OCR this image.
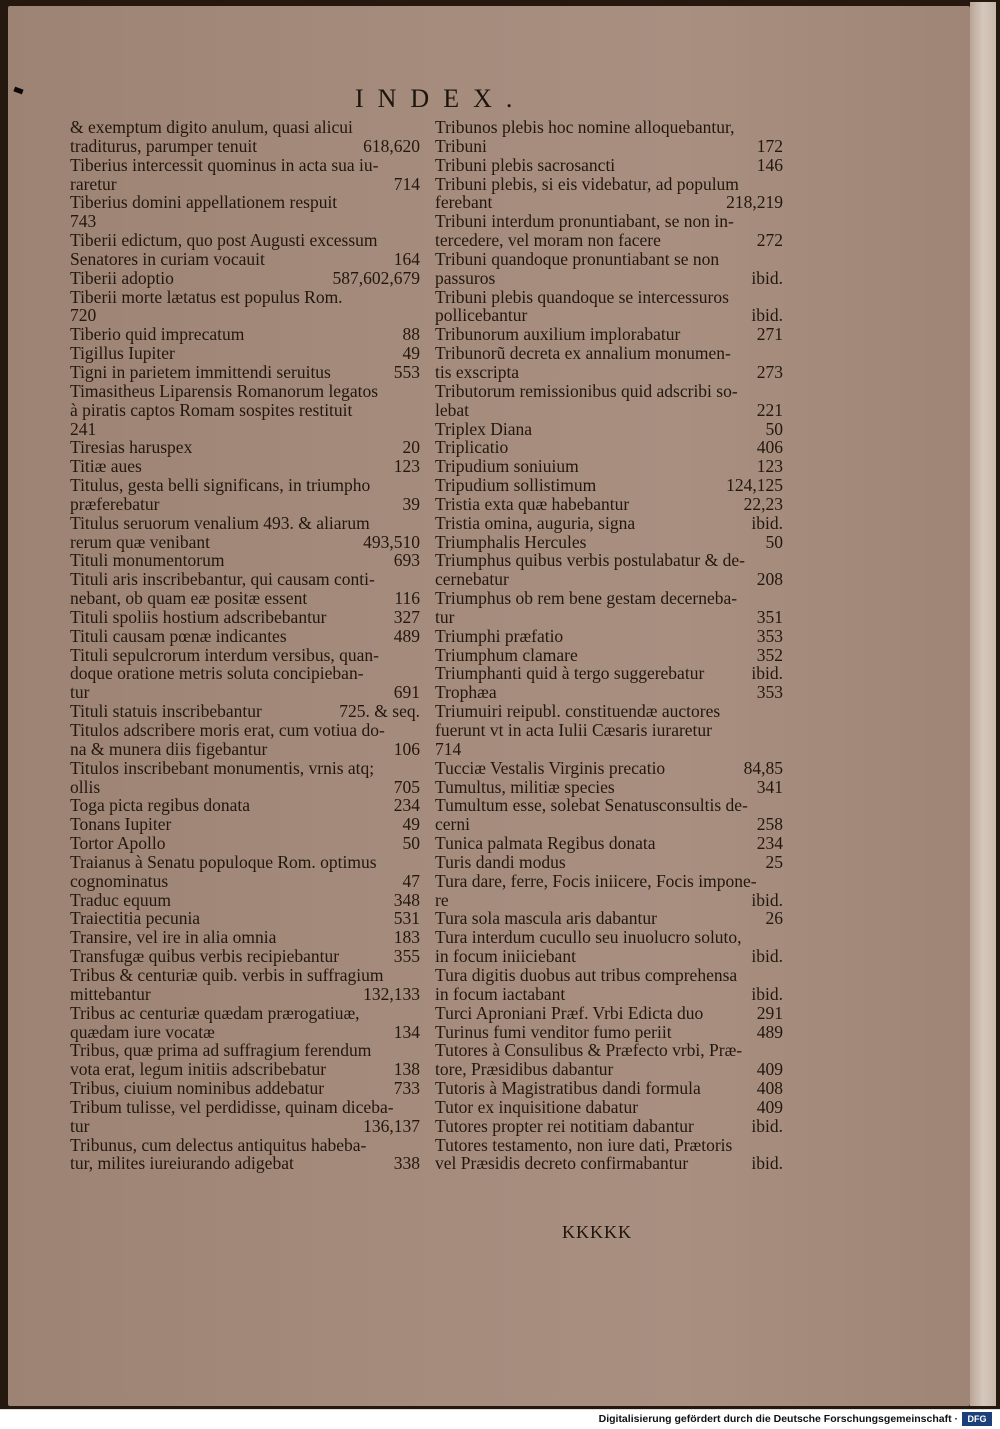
INDEX.
& exemptum digito anulum, quasi alicui
618,620
traditurus, parumper tenuit
Tiberius intercessit quominus in acta sua iu-
714
raretur
Tiberius domini appellationem respuit
743
Tiberii edictum, quo post Augusti excessum
164
Senatores in curiam vocauit
587,602,679
Tiberii adoptio
Tiberii morte lætatus est populus Rom.
720
88
Tiberio quid imprecatum
49
Tigillus Iupiter
553
Tigni in parietem immittendi seruitus
Timasitheus Liparensis Romanorum legatos
à piratis captos Romam sospites restituit
241
20
Tiresias haruspex
123
Titiæ aues
Titulus, gesta belli significans, in triumpho
39
præferebatur
Titulus seruorum venalium 493. & aliarum
493,510
rerum quæ venibant
693
Tituli monumentorum
Tituli aris inscribebantur, qui causam conti-
116
nebant, ob quam eæ positæ essent
327
Tituli spoliis hostium adscribebantur
489
Tituli causam pœnæ indicantes
Tituli sepulcrorum interdum versibus, quan-
doque oratione metris soluta concipieban-
691
tur
725. & seq.
Tituli statuis inscribebantur
Titulos adscribere moris erat, cum votiua do-
106
na & munera diis figebantur
Titulos inscribebant monumentis, vrnis atq;
705
ollis
234
Toga picta regibus donata
49
Tonans Iupiter
50
Tortor Apollo
Traianus à Senatu populoque Rom. optimus
47
cognominatus
348
Traduc equum
531
Traiectitia pecunia
183
Transire, vel ire in alia omnia
355
Transfugæ quibus verbis recipiebantur
Tribus & centuriæ quib. verbis in suffragium
132,133
mittebantur
Tribus ac centuriæ quædam prærogatiuæ,
134
quædam iure vocatæ
Tribus, quæ prima ad suffragium ferendum
138
vota erat, legum initiis adscribebatur
733
Tribus, ciuium nominibus addebatur
Tribum tulisse, vel perdidisse, quinam diceba-
136,137
tur
Tribunus, cum delectus antiquitus habeba-
338
tur, milites iureiurando adigebat
Tribunos plebis hoc nomine alloquebantur,
172
Tribuni
146
Tribuni plebis sacrosancti
Tribuni plebis, si eis videbatur, ad populum
218,219
ferebant
Tribuni interdum pronuntiabant, se non in-
272
tercedere, vel moram non facere
Tribuni quandoque pronuntiabant se non
ibid.
passuros
Tribuni plebis quandoque se intercessuros
ibid.
pollicebantur
271
Tribunorum auxilium implorabatur
Tribunorũ decreta ex annalium monumen-
273
tis exscripta
Tributorum remissionibus quid adscribi so-
221
lebat
50
Triplex Diana
406
Triplicatio
123
Tripudium soniuium
124,125
Tripudium sollistimum
22,23
Tristia exta quæ habebantur
ibid.
Tristia omina, auguria, signa
50
Triumphalis Hercules
Triumphus quibus verbis postulabatur & de-
208
cernebatur
Triumphus ob rem bene gestam decerneba-
351
tur
353
Triumphi præfatio
352
Triumphum clamare
ibid.
Triumphanti quid à tergo suggerebatur
353
Trophæa
Triumuiri reipubl. constituendæ auctores
fuerunt vt in acta Iulii Cæsaris iuraretur
714
84,85
Tucciæ Vestalis Virginis precatio
341
Tumultus, militiæ species
Tumultum esse, solebat Senatusconsultis de-
258
cerni
234
Tunica palmata Regibus donata
25
Turis dandi modus
Tura dare, ferre, Focis iniicere, Focis impone-
ibid.
re
26
Tura sola mascula aris dabantur
Tura interdum cucullo seu inuolucro soluto,
ibid.
in focum iniiciebant
Tura digitis duobus aut tribus comprehensa
ibid.
in focum iactabant
291
Turci Aproniani Præf. Vrbi Edicta duo
489
Turinus fumi venditor fumo periit
Tutores à Consulibus & Præfecto vrbi, Præ-
409
tore, Præsidibus dabantur
408
Tutoris à Magistratibus dandi formula
409
Tutor ex inquisitione dabatur
ibid.
Tutores propter rei notitiam dabantur
Tutores testamento, non iure dati, Prætoris
ibid.
vel Præsidis decreto confirmabantur
KKKKK
Digitalisierung gefördert durch die Deutsche Forschungsgemeinschaft ·	DFG
